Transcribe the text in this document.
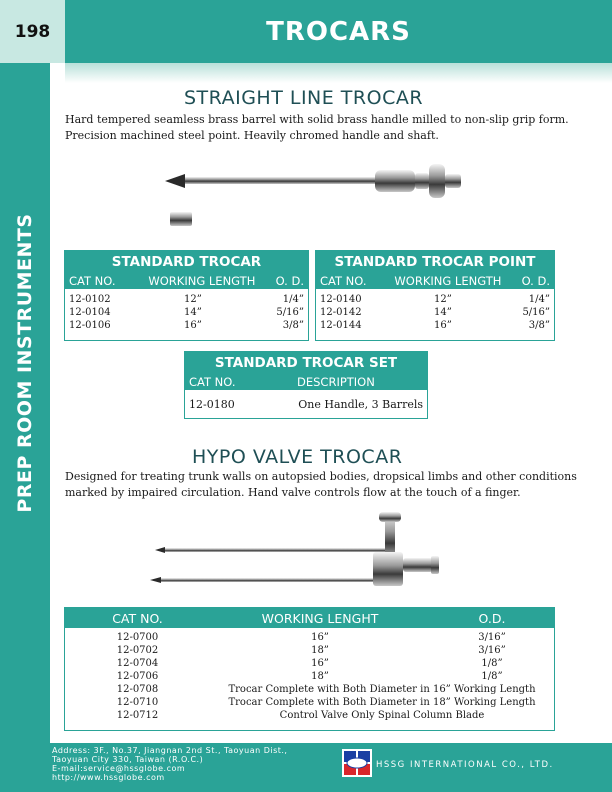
198	TROCARS
PREP ROOM INSTRUMENTS
STRAIGHT LINE TROCAR
Hard tempered seamless brass barrel with solid brass handle milled to non-slip grip form.
Precision machined steel point. Heavily chromed handle and shaft.
STANDARD TROCAR
CAT NO.	WORKING LENGTH	O. D.
12-0102	12”	1/4”
12-0104	14”	5/16”
12-0106	16”	3/8”
STANDARD TROCAR POINT
CAT NO.	WORKING LENGTH	O. D.
12-0140	12”	1/4”
12-0142	14”	5/16”
12-0144	16”	3/8”
STANDARD TROCAR SET
CAT NO.	DESCRIPTION
12-0180	One Handle, 3 Barrels
HYPO VALVE TROCAR
Designed for treating trunk walls on autopsied bodies, dropsical limbs and other conditions
marked by impaired circulation. Hand valve controls flow at the touch of a finger.
CAT NO.	WORKING LENGHT	O.D.
12-0700	16”	3/16”
12-0702	18”	3/16”
12-0704	16”	1/8”
12-0706	18”	1/8”
12-0708	Trocar Complete with Both Diameter in 16” Working Length
12-0710	Trocar Complete with Both Diameter in 18” Working Length
12-0712	Control Valve Only Spinal Column Blade
Address: 3F., No.37, Jiangnan 2nd St., Taoyuan Dist.,
Taoyuan City 330, Taiwan (R.O.C.)
E-mail:service@hssglobe.com
http://www.hssglobe.com
HSSG INTERNATIONAL CO., LTD.
